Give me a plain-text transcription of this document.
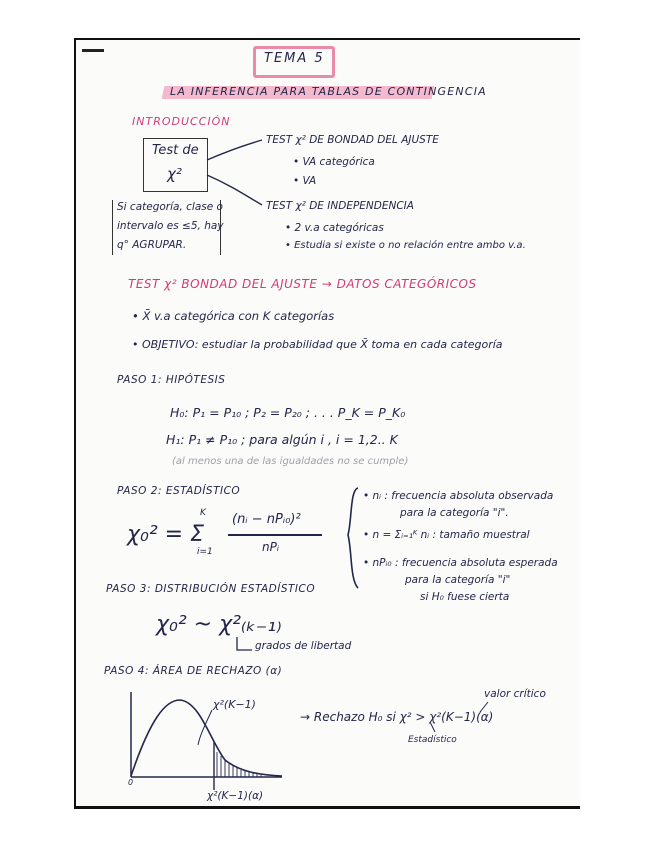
TEMA 5
LA INFERENCIA PARA TABLAS DE CONTINGENCIA
INTRODUCCIÓN
Test de
χ²
Si categoría, clase o
intervalo es ≤5, hay
q° AGRUPAR.
TEST χ² DE BONDAD DEL AJUSTE
• VA categórica
• VA
TEST χ² DE INDEPENDENCIA
• 2 v.a categóricas
• Estudia si existe o no relación entre ambo v.a.
TEST χ² BONDAD DEL AJUSTE → DATOS CATEGÓRICOS
• X̄ v.a categórica con K categorías
• OBJETIVO: estudiar la probabilidad que X̄ toma en cada categoría
PASO 1: HIPÓTESIS
H₀: P₁ = P₁₀ ; P₂ = P₂₀ ; . . . P_K = P_K₀
H₁: P₁ ≠ P₁₀ ; para algún i , i = 1,2.. K
(al menos una de las igualdades no se cumple)
PASO 2: ESTADÍSTICO
χ₀² = Σ
K
i=1
(nᵢ − nPᵢ₀)²
nPᵢ
• nᵢ : frecuencia absoluta observada
para la categoría "i".
• n = Σᵢ₌₁ᴷ nᵢ : tamaño muestral
• nPᵢ₀ : frecuencia absoluta esperada
para la categoría "i"
si H₀ fuese cierta
PASO 3: DISTRIBUCIÓN ESTADÍSTICO
χ₀² ~ χ²₍ₖ₋₁₎
grados de libertad
PASO 4: ÁREA DE RECHAZO (α)
χ²(K−1)
0
χ²(K−1)(α)
→ Rechazo H₀ si χ² > χ²(K−1)(α)
Estadístico
valor crítico
